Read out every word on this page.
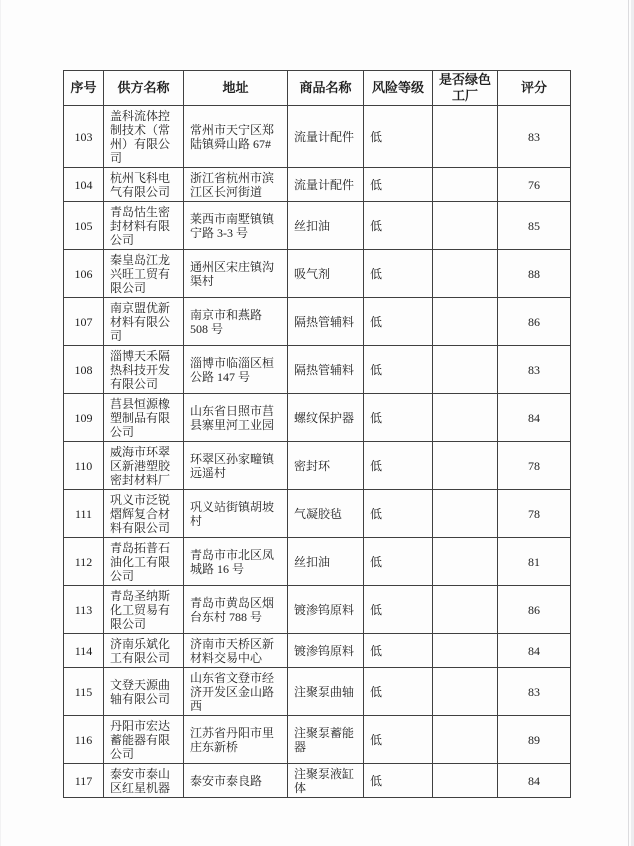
序号	供方名称	地址	商品名称	风险等级	是否绿色工厂	评分
103	盖科流体控制技术（常州）有限公司	常州市天宁区郑陆镇舜山路 67#	流量计配件	低		83
104	杭州飞科电气有限公司	浙江省杭州市滨江区长河街道	流量计配件	低		76
105	青岛怙生密封材料有限公司	莱西市南墅镇镇宁路 3-3 号	丝扣油	低		85
106	秦皇岛江龙兴旺工贸有限公司	通州区宋庄镇沟渠村	吸气剂	低		88
107	南京盟优新材料有限公司	南京市和燕路 508 号	隔热管辅料	低		86
108	淄博天禾隔热科技开发有限公司	淄博市临淄区桓公路 147 号	隔热管辅料	低		83
109	莒县恒源橡塑制品有限公司	山东省日照市莒县寨里河工业园	螺纹保护器	低		84
110	威海市环翠区新港塑胶密封材料厂	环翠区孙家疃镇远遥村	密封环	低		78
111	巩义市泛锐熠辉复合材料有限公司	巩义站街镇胡坡村	气凝胶毡	低		78
112	青岛拓普石油化工有限公司	青岛市市北区凤城路 16 号	丝扣油	低		81
113	青岛圣纳斯化工贸易有限公司	青岛市黄岛区烟台东村 788 号	镀渗钨原料	低		86
114	济南乐斌化工有限公司	济南市天桥区新材料交易中心	镀渗钨原料	低		84
115	文登天源曲轴有限公司	山东省文登市经济开发区金山路西	注聚泵曲轴	低		83
116	丹阳市宏达蓄能器有限公司	江苏省丹阳市里庄东新桥	注聚泵蓄能器	低		89
117	泰安市泰山区红星机器	泰安市泰良路	注聚泵液缸体	低		84
